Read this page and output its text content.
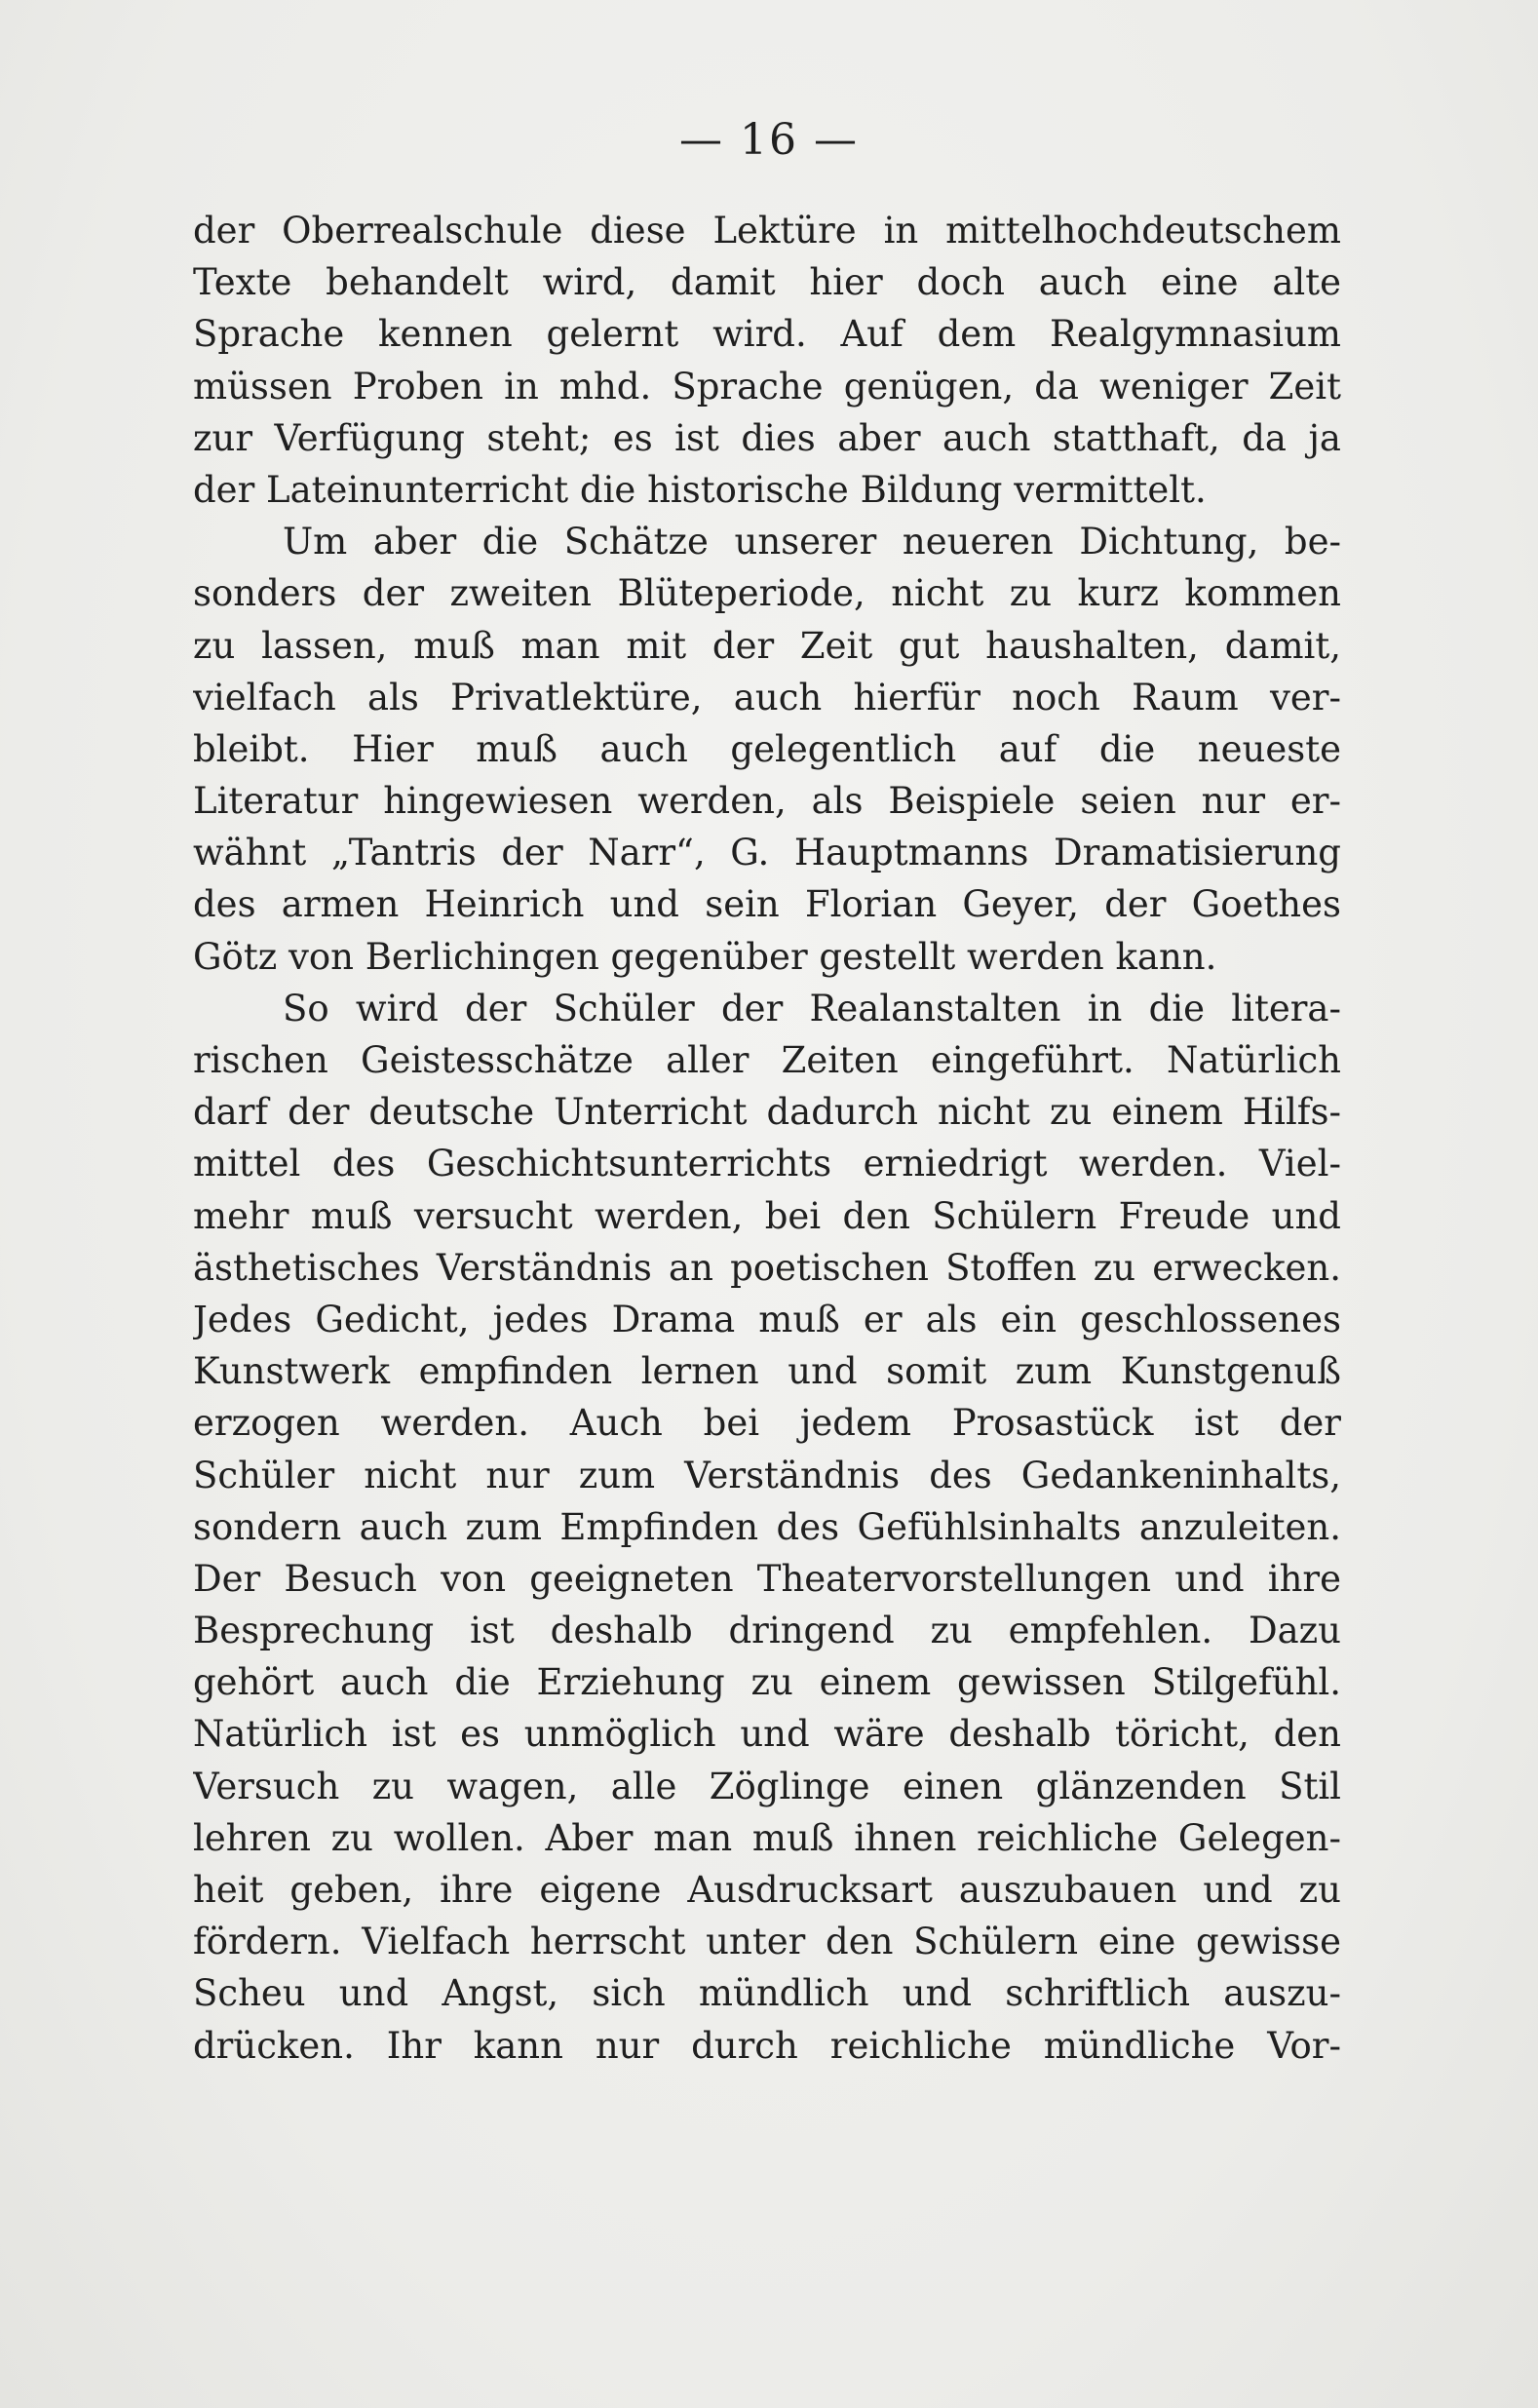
— 16 —
der Oberrealschule diese Lektüre in mittelhochdeutschem
Texte behandelt wird, damit hier doch auch eine alte
Sprache kennen gelernt wird. Auf dem Realgymnasium
müssen Proben in mhd. Sprache genügen, da weniger Zeit
zur Verfügung steht; es ist dies aber auch statthaft, da ja
der Lateinunterricht die historische Bildung vermittelt.
Um aber die Schätze unserer neueren Dichtung, be-
sonders der zweiten Blüteperiode, nicht zu kurz kommen
zu lassen, muß man mit der Zeit gut haushalten, damit,
vielfach als Privatlektüre, auch hierfür noch Raum ver-
bleibt. Hier muß auch gelegentlich auf die neueste
Literatur hingewiesen werden, als Beispiele seien nur er-
wähnt „Tantris der Narr“, G. Hauptmanns Dramatisierung
des armen Heinrich und sein Florian Geyer, der Goethes
Götz von Berlichingen gegenüber gestellt werden kann.
So wird der Schüler der Realanstalten in die litera-
rischen Geistesschätze aller Zeiten eingeführt. Natürlich
darf der deutsche Unterricht dadurch nicht zu einem Hilfs-
mittel des Geschichtsunterrichts erniedrigt werden. Viel-
mehr muß versucht werden, bei den Schülern Freude und
ästhetisches Verständnis an poetischen Stoffen zu erwecken.
Jedes Gedicht, jedes Drama muß er als ein geschlossenes
Kunstwerk empfinden lernen und somit zum Kunstgenuß
erzogen werden. Auch bei jedem Prosastück ist der
Schüler nicht nur zum Verständnis des Gedankeninhalts,
sondern auch zum Empfinden des Gefühlsinhalts anzuleiten.
Der Besuch von geeigneten Theatervorstellungen und ihre
Besprechung ist deshalb dringend zu empfehlen. Dazu
gehört auch die Erziehung zu einem gewissen Stilgefühl.
Natürlich ist es unmöglich und wäre deshalb töricht, den
Versuch zu wagen, alle Zöglinge einen glänzenden Stil
lehren zu wollen. Aber man muß ihnen reichliche Gelegen-
heit geben, ihre eigene Ausdrucksart auszubauen und zu
fördern. Vielfach herrscht unter den Schülern eine gewisse
Scheu und Angst, sich mündlich und schriftlich auszu-
drücken. Ihr kann nur durch reichliche mündliche Vor-
